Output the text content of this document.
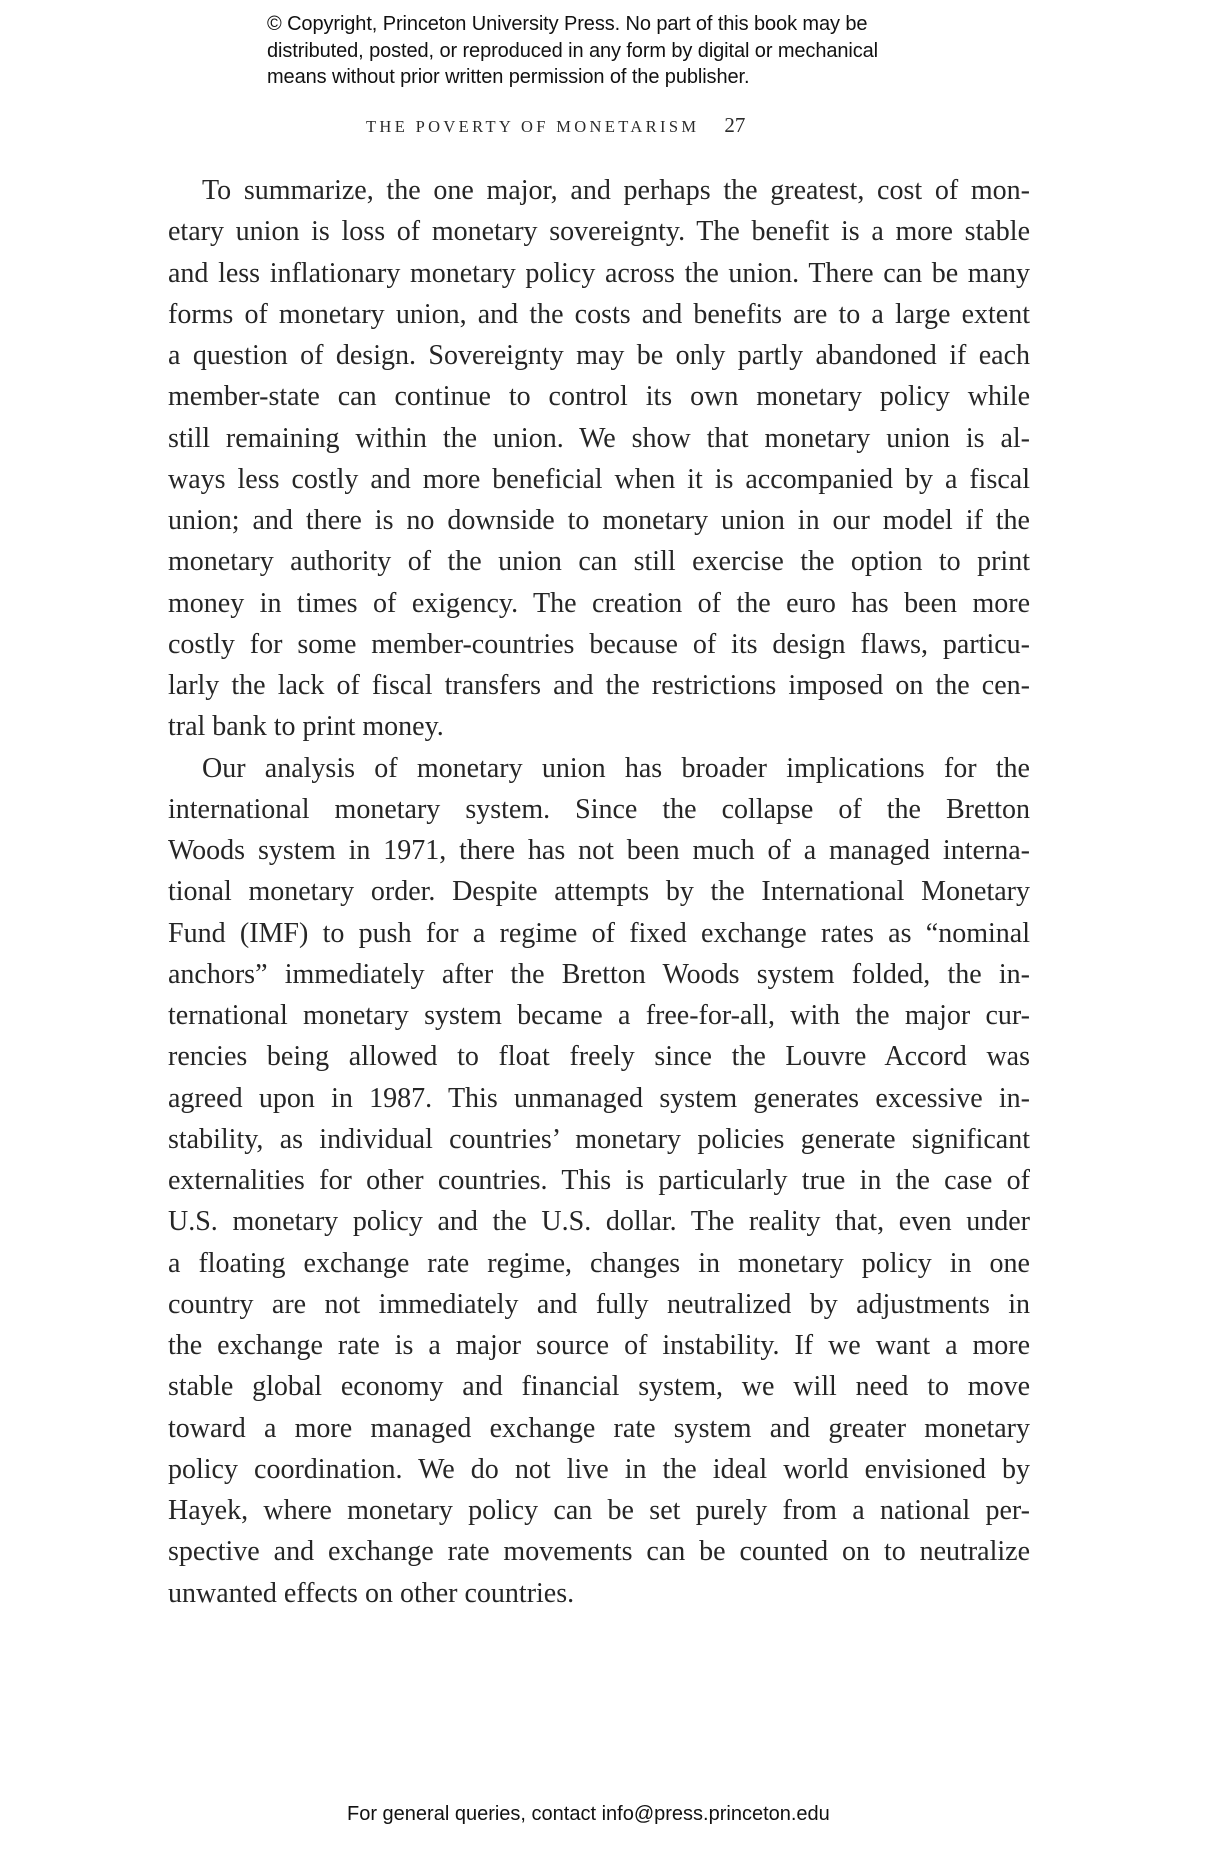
© Copyright, Princeton University Press. No part of this book may be
distributed, posted, or reproduced in any form by digital or mechanical
means without prior written permission of the publisher.
THE POVERTY OF MONETARISM 27
To summarize, the one major, and perhaps the greatest, cost of mon-
etary union is loss of monetary sovereignty. The benefit is a more stable
and less inflationary monetary policy across the union. There can be many
forms of monetary union, and the costs and benefits are to a large extent
a question of design. Sovereignty may be only partly abandoned if each
member-state can continue to control its own monetary policy while
still remaining within the union. We show that monetary union is al-
ways less costly and more beneficial when it is accompanied by a fiscal
union; and there is no downside to monetary union in our model if the
monetary authority of the union can still exercise the option to print
money in times of exigency. The creation of the euro has been more
costly for some member-countries because of its design flaws, particu-
larly the lack of fiscal transfers and the restrictions imposed on the cen-
tral bank to print money.
Our analysis of monetary union has broader implications for the
international monetary system. Since the collapse of the Bretton
Woods system in 1971, there has not been much of a managed interna-
tional monetary order. Despite attempts by the International Monetary
Fund (IMF) to push for a regime of fixed exchange rates as “nominal
anchors” immediately after the Bretton Woods system folded, the in-
ternational monetary system became a free-for-all, with the major cur-
rencies being allowed to float freely since the Louvre Accord was
agreed upon in 1987. This unmanaged system generates excessive in-
stability, as individual countries’ monetary policies generate significant
externalities for other countries. This is particularly true in the case of
U.S. monetary policy and the U.S. dollar. The reality that, even under
a floating exchange rate regime, changes in monetary policy in one
country are not immediately and fully neutralized by adjustments in
the exchange rate is a major source of instability. If we want a more
stable global economy and financial system, we will need to move
toward a more managed exchange rate system and greater monetary
policy coordination. We do not live in the ideal world envisioned by
Hayek, where monetary policy can be set purely from a national per-
spective and exchange rate movements can be counted on to neutralize
unwanted effects on other countries.
For general queries, contact info@press.princeton.edu
